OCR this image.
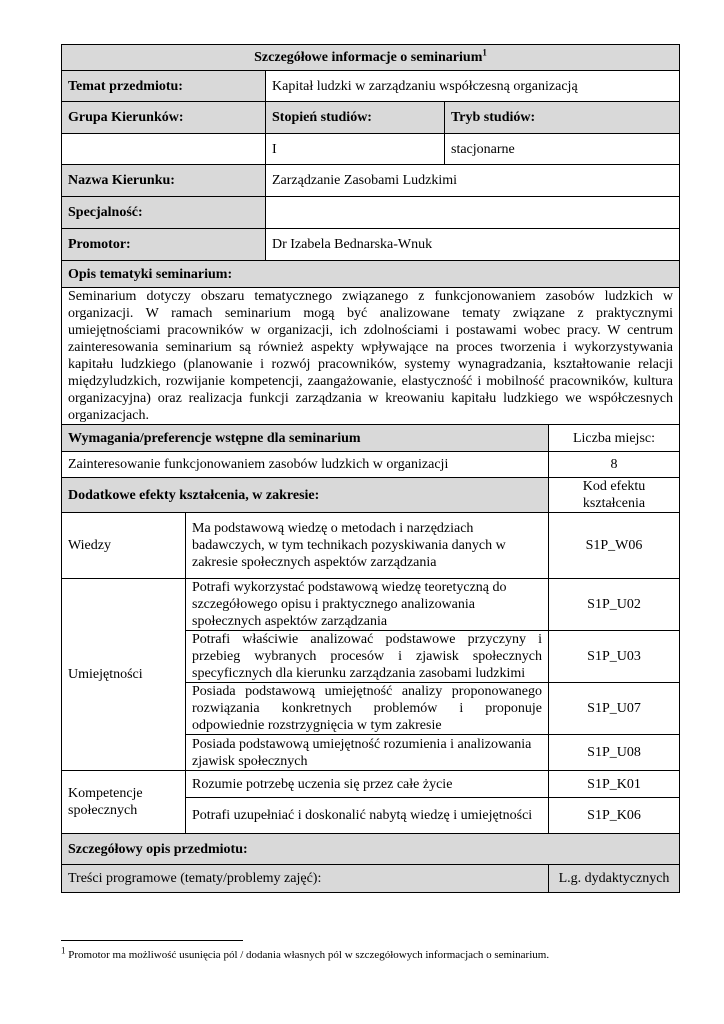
Szczegółowe informacje o seminarium$^1$
Temat przedmiotu:		Kapitał ludzki w zarządzaniu współczesną organizacją		
Grupa Kierunków:		Stopień studiów:	Tryb studiów:	
		I	stacjonarne	
Nazwa Kierunku:		Zarządzanie Zasobami Ludzkimi		
Specjalność:				
Promotor:		Dr Izabela Bednarska-Wnuk		
Opis tematyki seminarium:				
Seminarium dotyczy obszaru tematycznego związanego z funkcjonowaniem zasobów ludzkich w organizacji. W ramach seminarium mogą być analizowane tematy związane z praktycznymi umiejętnościami pracowników w organizacji, ich zdolnościami i postawami wobec pracy. W centrum zainteresowania seminarium są również aspekty wpływające na proces tworzenia i wykorzystywania kapitału ludzkiego (planowanie i rozwój pracowników, systemy wynagradzania, kształtowanie relacji międzyludzkich, rozwijanie kompetencji, zaangażowanie, elastyczność i mobilność pracowników, kultura organizacyjna) oraz realizacja funkcji zarządzania w kreowaniu kapitału ludzkiego we współczesnych organizacjach.				
Wymagania/preferencje wstępne dla seminarium				Liczba miejsc:
Zainteresowanie funkcjonowaniem zasobów ludzkich w organizacji				8
Dodatkowe efekty kształcenia, w zakresie:				Kod efektu kształcenia
Wiedzy	Ma podstawową wiedzę o metodach i narzędziach badawczych, w tym technikach pozyskiwania danych w zakresie społecznych aspektów zarządzania			S1P_W06
Umiejętności	Potrafi wykorzystać podstawową wiedzę teoretyczną do szczegółowego opisu i praktycznego analizowania społecznych aspektów zarządzania			S1P_U02
	Potrafi właściwie analizować podstawowe przyczyny i przebieg wybranych procesów i zjawisk społecznych specyficznych dla kierunku zarządzania zasobami ludzkimi			S1P_U03
	Posiada podstawową umiejętność analizy proponowanego rozwiązania konkretnych problemów i proponuje odpowiednie rozstrzygnięcia w tym zakresie			S1P_U07
	Posiada podstawową umiejętność rozumienia i analizowania zjawisk społecznych			S1P_U08
Kompetencje społecznych	Rozumie potrzebę uczenia się przez całe życie			S1P_K01
	Potrafi uzupełniać i doskonalić nabytą wiedzę i umiejętności			S1P_K06
Szczegółowy opis przedmiotu:				
Treści programowe (tematy/problemy zajęć):				L.g. dydaktycznych
$^1$ Promotor ma możliwość usunięcia pól / dodania własnych pól w szczegółowych informacjach o seminarium.
